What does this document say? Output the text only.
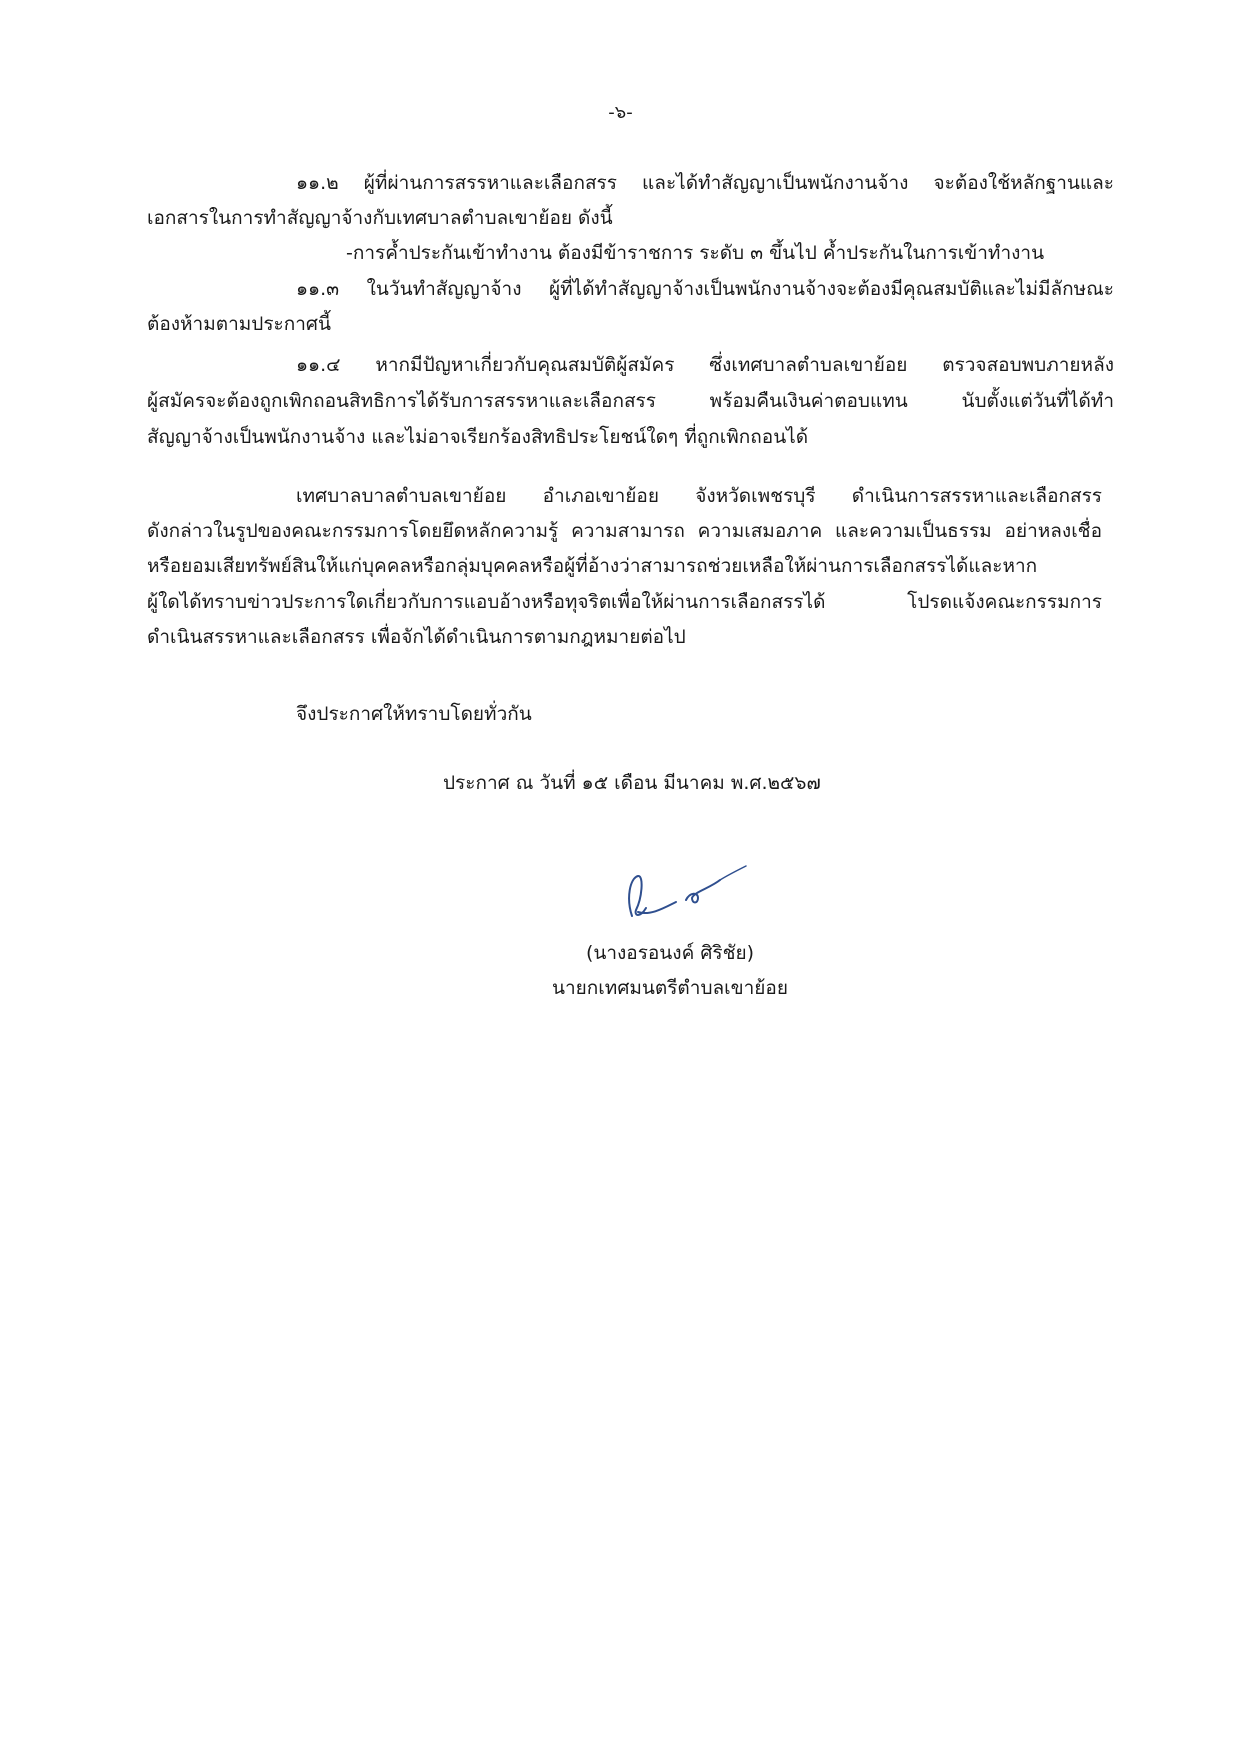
-๖-
๑๑.๒ ผู้ที่ผ่านการสรรหาและเลือกสรร และได้ทำสัญญาเป็นพนักงานจ้าง จะต้องใช้หลักฐานและ
เอกสารในการทำสัญญาจ้างกับเทศบาลตำบลเขาย้อย ดังนี้
-การค้ำประกันเข้าทำงาน ต้องมีข้าราชการ ระดับ ๓ ขึ้นไป ค้ำประกันในการเข้าทำงาน
๑๑.๓ ในวันทำสัญญาจ้าง ผู้ที่ได้ทำสัญญาจ้างเป็นพนักงานจ้างจะต้องมีคุณสมบัติและไม่มีลักษณะ
ต้องห้ามตามประกาศนี้
๑๑.๔ หากมีปัญหาเกี่ยวกับคุณสมบัติผู้สมัคร ซึ่งเทศบาลตำบลเขาย้อย ตรวจสอบพบภายหลัง
ผู้สมัครจะต้องถูกเพิกถอนสิทธิการได้รับการสรรหาและเลือกสรร พร้อมคืนเงินค่าตอบแทน นับตั้งแต่วันที่ได้ทำ
สัญญาจ้างเป็นพนักงานจ้าง และไม่อาจเรียกร้องสิทธิประโยชน์ใดๆ ที่ถูกเพิกถอนได้
เทศบาลบาลตำบลเขาย้อย อำเภอเขาย้อย จังหวัดเพชรบุรี ดำเนินการสรรหาและเลือกสรร
ดังกล่าวในรูปของคณะกรรมการโดยยึดหลักความรู้ ความสามารถ ความเสมอภาค และความเป็นธรรม อย่าหลงเชื่อ
หรือยอมเสียทรัพย์สินให้แก่บุคคลหรือกลุ่มบุคคลหรือผู้ที่อ้างว่าสามารถช่วยเหลือให้ผ่านการเลือกสรรได้และหาก
ผู้ใดได้ทราบข่าวประการใดเกี่ยวกับการแอบอ้างหรือทุจริตเพื่อให้ผ่านการเลือกสรรได้ โปรดแจ้งคณะกรรมการ
ดำเนินสรรหาและเลือกสรร เพื่อจักได้ดำเนินการตามกฎหมายต่อไป
จึงประกาศให้ทราบโดยทั่วกัน
ประกาศ ณ วันที่ ๑๕ เดือน มีนาคม พ.ศ.๒๕๖๗
(นางอรอนงค์ ศิริชัย)
นายกเทศมนตรีตำบลเขาย้อย
